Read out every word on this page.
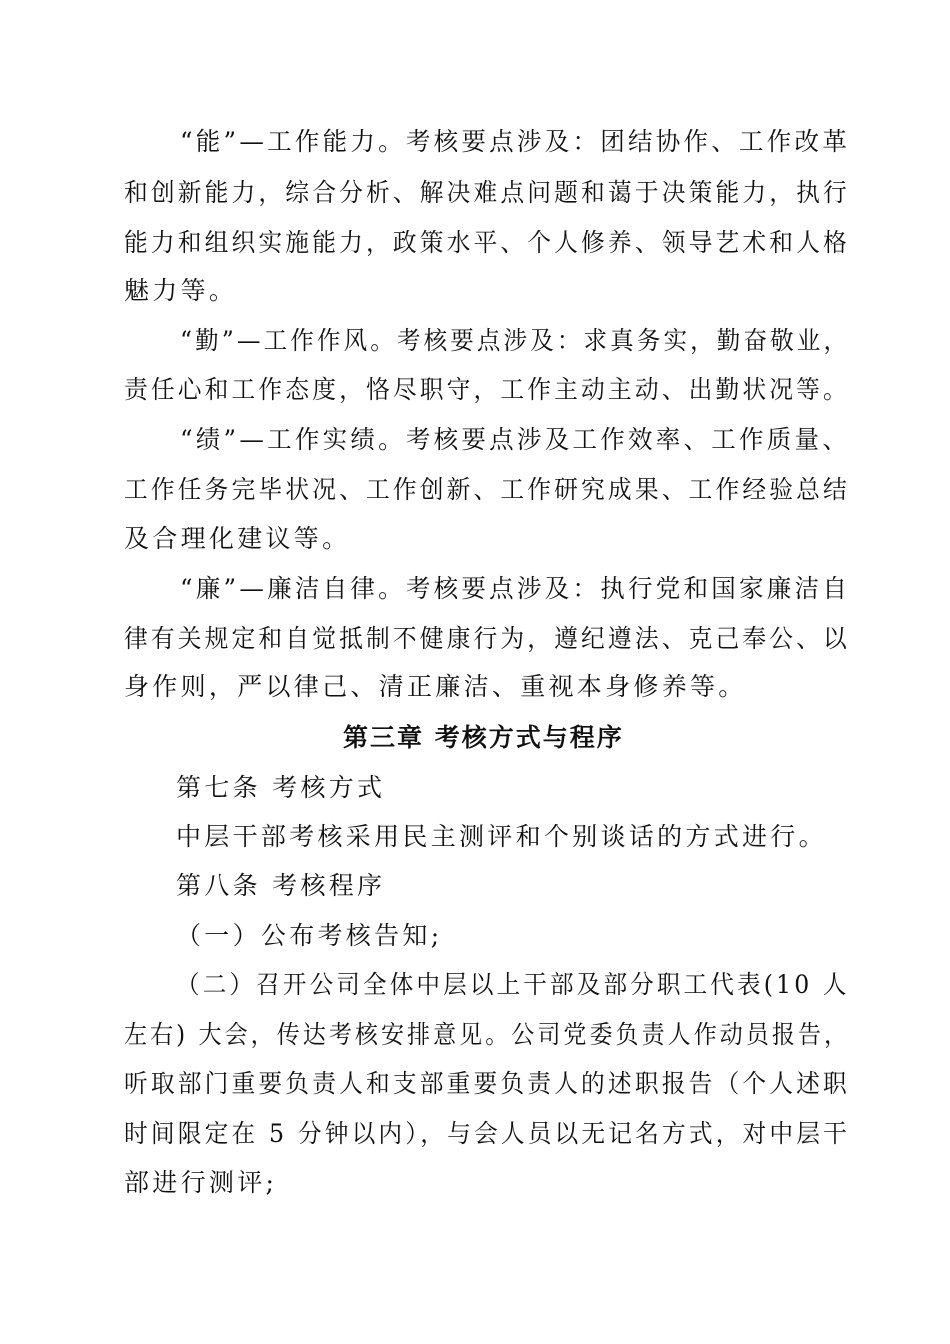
“能”—工作能力。考核要点涉及：团结协作、工作改革
和创新能力，综合分析、解决难点问题和蔼于决策能力，执行
能力和组织实施能力，政策水平、个人修养、领导艺术和人格
魅力等。
“勤”—工作作风。考核要点涉及：求真务实，勤奋敬业，
责任心和工作态度，恪尽职守，工作主动主动、出勤状况等。
“绩”—工作实绩。考核要点涉及工作效率、工作质量、
工作任务完毕状况、工作创新、工作研究成果、工作经验总结
及合理化建议等。
“廉”—廉洁自律。考核要点涉及：执行党和国家廉洁自
律有关规定和自觉抵制不健康行为，遵纪遵法、克己奉公、以
身作则，严以律己、清正廉洁、重视本身修养等。
第三章 考核方式与程序
第七条 考核方式
中层干部考核采用民主测评和个别谈话的方式进行。
第八条 考核程序
（一）公布考核告知;
（二）召开公司全体中层以上干部及部分职工代表(10 人
左右) 大会，传达考核安排意见。公司党委负责人作动员报告，
听取部门重要负责人和支部重要负责人的述职报告（个人述职
时间限定在 5 分钟以内），与会人员以无记名方式，对中层干
部进行测评;
